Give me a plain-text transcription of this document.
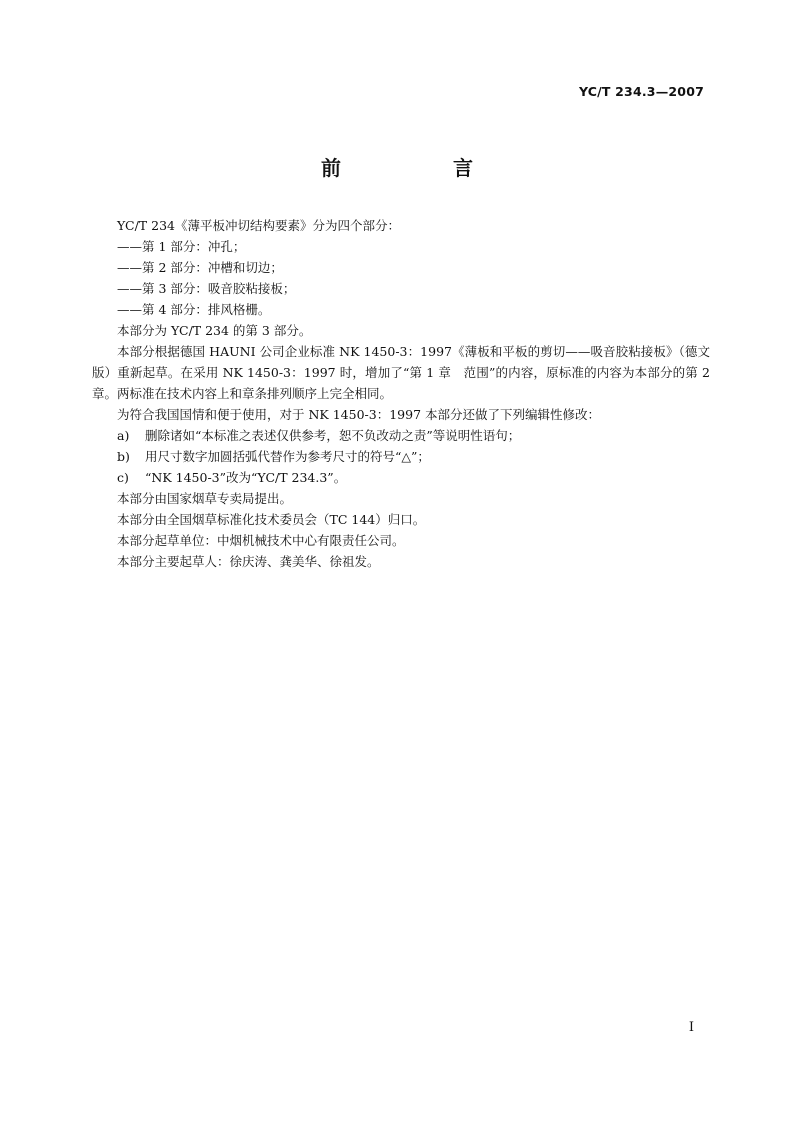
YC/T 234.3—2007
前　言

YC/T 234《薄平板冲切结构要素》分为四个部分：

——第 1 部分：冲孔；

——第 2 部分：冲槽和切边；

——第 3 部分：吸音胶粘接板；

——第 4 部分：排风格栅。

本部分为 YC/T 234 的第 3 部分。

本部分根据德国 HAUNI 公司企业标准 NK 1450-3：1997《薄板和平板的剪切——吸音胶粘接板》（德文版）重新起草。在采用 NK 1450-3：1997 时，增加了“第 1 章　范围”的内容，原标准的内容为本部分的第 2 章。两标准在技术内容上和章条排列顺序上完全相同。

为符合我国国情和便于使用，对于 NK 1450-3：1997 本部分还做了下列编辑性修改：

a) 删除诸如“本标准之表述仅供参考，恕不负改动之责”等说明性语句；

b) 用尺寸数字加圆括弧代替作为参考尺寸的符号“△”；

c) “NK 1450-3”改为“YC/T 234.3”。

本部分由国家烟草专卖局提出。

本部分由全国烟草标准化技术委员会（TC 144）归口。

本部分起草单位：中烟机械技术中心有限责任公司。

本部分主要起草人：徐庆涛、龚美华、徐祖发。

I
